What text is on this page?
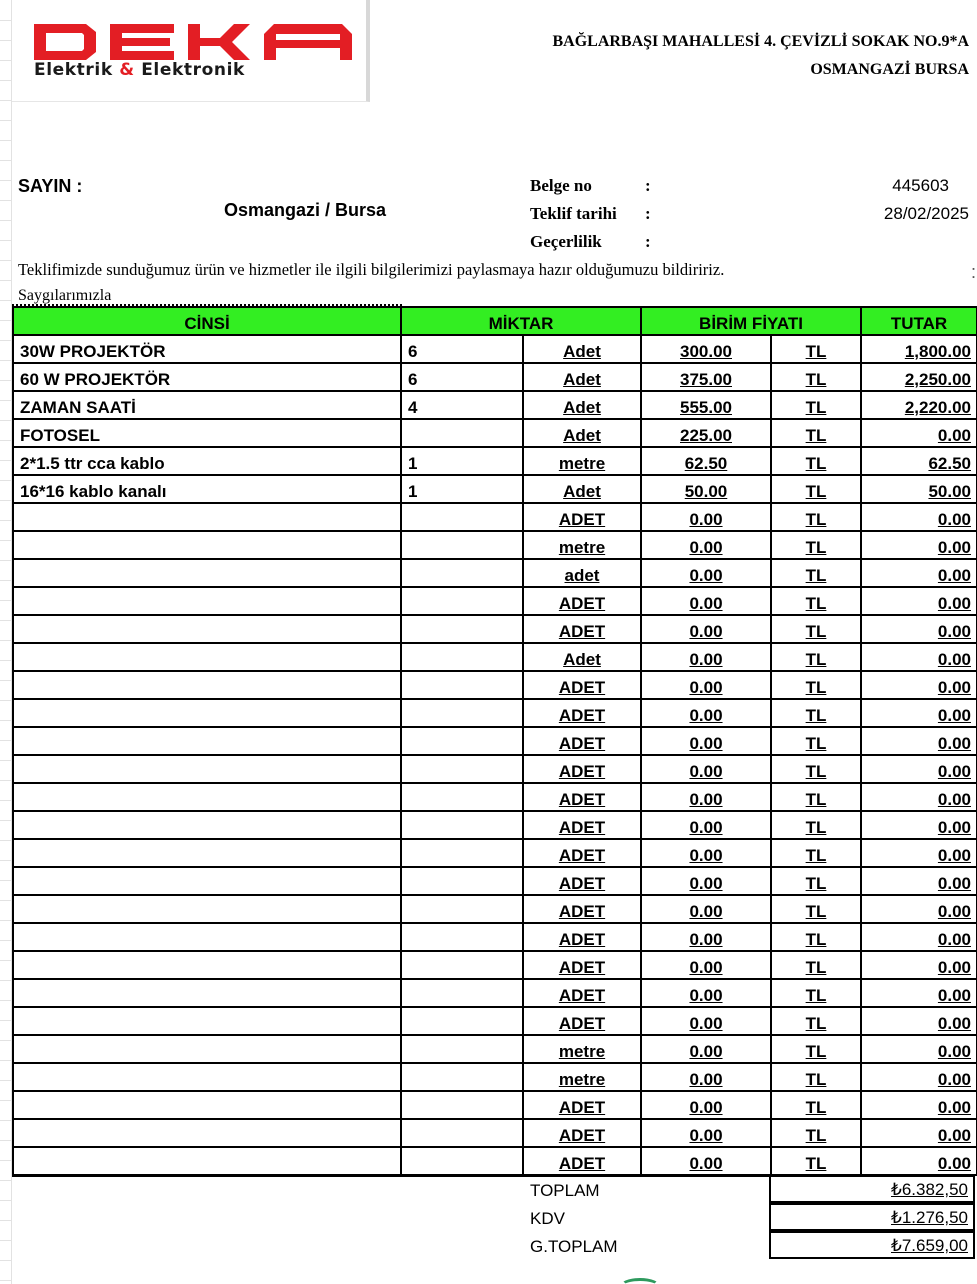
Elektrik & Elektronik
BAĞLARBAŞI MAHALLESİ 4. ÇEVİZLİ SOKAK NO.9*A
OSMANGAZİ BURSA
SAYIN :
Osmangazi / Bursa
Belge no	:	445603
Teklif tarihi :	28/02/2025
Geçerlilik	:
Teklifimizde sunduğumuz ürün ve hizmetler ile ilgili bilgilerimizi paylasmaya hazır olduğumuzu bildiririz.
Saygılarımızla
:
CİNSİ	MİKTAR		BİRİM FİYATI		TUTAR
30W PROJEKTÖR	6	Adet	300.00	TL	1,800.00
60 W PROJEKTÖR	6	Adet	375.00	TL	2,250.00
ZAMAN SAATİ	4	Adet	555.00	TL	2,220.00
FOTOSEL		Adet	225.00	TL	0.00
2*1.5 ttr cca kablo	1	metre	62.50	TL	62.50
16*16 kablo kanalı	1	Adet	50.00	TL	50.00
		ADET	0.00	TL	0.00
		metre	0.00	TL	0.00
		adet	0.00	TL	0.00
		ADET	0.00	TL	0.00
		ADET	0.00	TL	0.00
		Adet	0.00	TL	0.00
		ADET	0.00	TL	0.00
		ADET	0.00	TL	0.00
		ADET	0.00	TL	0.00
		ADET	0.00	TL	0.00
		ADET	0.00	TL	0.00
		ADET	0.00	TL	0.00
		ADET	0.00	TL	0.00
		ADET	0.00	TL	0.00
		ADET	0.00	TL	0.00
		ADET	0.00	TL	0.00
		ADET	0.00	TL	0.00
		ADET	0.00	TL	0.00
		ADET	0.00	TL	0.00
		metre	0.00	TL	0.00
		metre	0.00	TL	0.00
		ADET	0.00	TL	0.00
		ADET	0.00	TL	0.00
		ADET	0.00	TL	0.00
TOPLAM	₺6.382,50
KDV	₺1.276,50
G.TOPLAM	₺7.659,00
